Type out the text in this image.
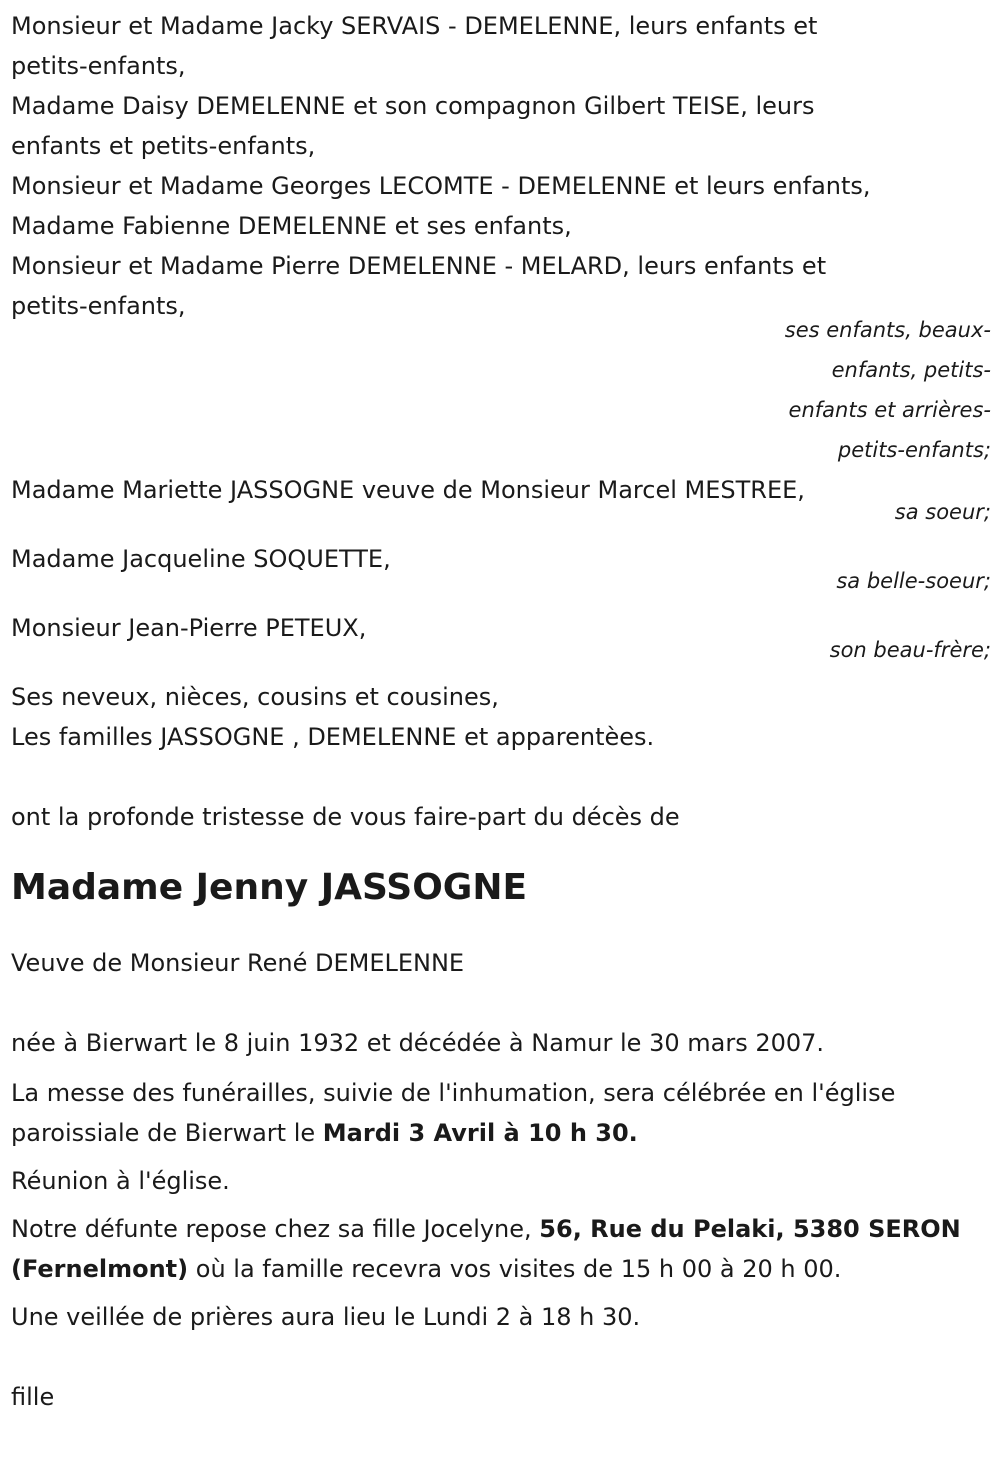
Monsieur et Madame Jacky SERVAIS - DEMELENNE, leurs enfants et

petits-enfants,

Madame Daisy DEMELENNE et son compagnon Gilbert TEISE, leurs

enfants et petits-enfants,

Monsieur et Madame Georges LECOMTE - DEMELENNE et leurs enfants,

Madame Fabienne DEMELENNE et ses enfants,

Monsieur et Madame Pierre DEMELENNE - MELARD, leurs enfants et

petits-enfants,

ses enfants, beaux-

enfants, petits-

enfants et arrières-

petits-enfants;

Madame Mariette JASSOGNE veuve de Monsieur Marcel MESTREE,

sa soeur;

Madame Jacqueline SOQUETTE,

sa belle-soeur;

Monsieur Jean-Pierre PETEUX,

son beau-frère;

Ses neveux, nièces, cousins et cousines,

Les familles JASSOGNE , DEMELENNE et apparentèes.

ont la profonde tristesse de vous faire-part du décès de

Madame Jenny JASSOGNE

Veuve de Monsieur René DEMELENNE

née à Bierwart le 8 juin 1932 et décédée à Namur le 30 mars 2007.

La messe des funérailles, suivie de l'inhumation, sera célébrée en l'église paroissiale de Bierwart le Mardi 3 Avril à 10 h 30.

Réunion à l'église.

Notre défunte repose chez sa fille Jocelyne, 56, Rue du Pelaki, 5380 SERON (Fernelmont) où la famille recevra vos visites de 15 h 00 à 20 h 00.

Une veillée de prières aura lieu le Lundi 2 à 18 h 30.

fille
